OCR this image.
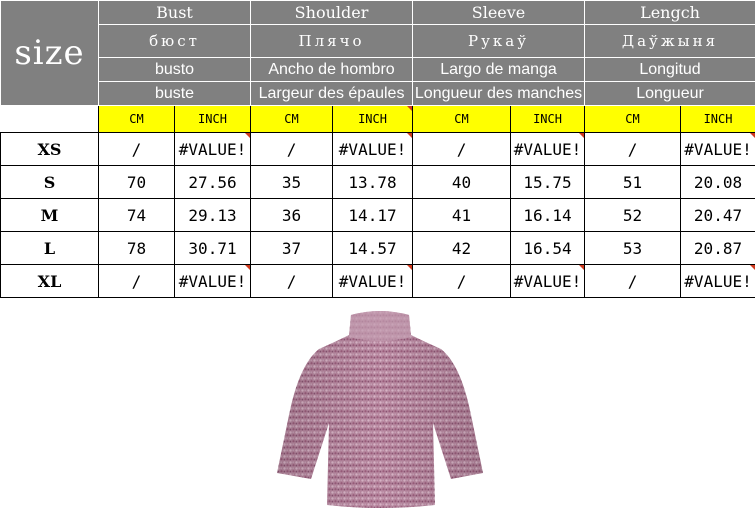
size	Bust		Shoulder		Sleeve		Lengch	
	бюст		Плячо		Рукаў		Даўжыня	
	busto		Ancho de hombro		Largo de manga		Longitud	
	buste		Largeur des épaules		Longueur des manches		Longueur	
	CM	INCH	CM	INCH	CM	INCH	CM	INCH
XS	/	#VALUE!	/	#VALUE!	/	#VALUE!	/	#VALUE!
S	70	27.56	35	13.78	40	15.75	51	20.08
M	74	29.13	36	14.17	41	16.14	52	20.47
L	78	30.71	37	14.57	42	16.54	53	20.87
XL	/	#VALUE!	/	#VALUE!	/	#VALUE!	/	#VALUE!
